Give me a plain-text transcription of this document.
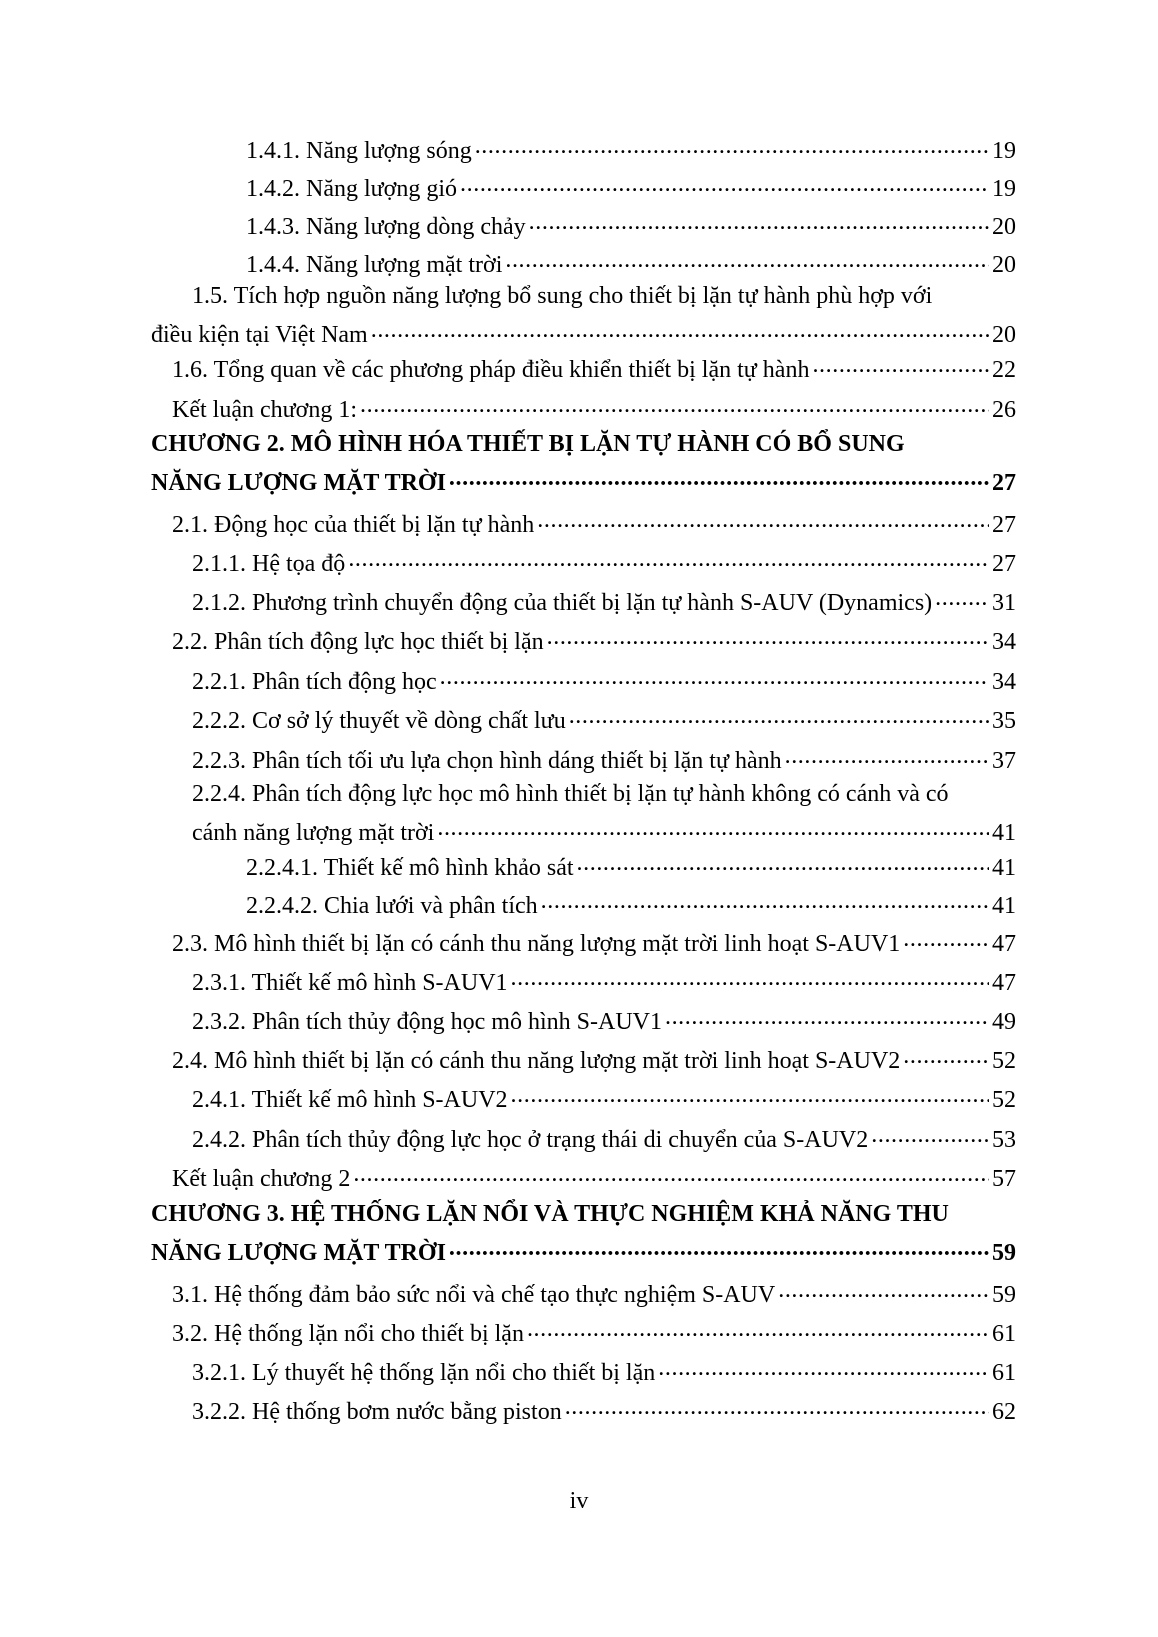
1.4.1. Năng lượng sóng .....	19
1.4.2. Năng lượng gió .....	19
1.4.3. Năng lượng dòng chảy .....	20
1.4.4. Năng lượng mặt trời .....	20
1.5. Tích hợp nguồn năng lượng bổ sung cho thiết bị lặn tự hành phù hợp với
điều kiện tại Việt Nam .....	20
1.6. Tổng quan về các phương pháp điều khiển thiết bị lặn tự hành .....	22
Kết luận chương 1: .....	26
CHƯƠNG 2. MÔ HÌNH HÓA THIẾT BỊ LẶN TỰ HÀNH CÓ BỔ SUNG
NĂNG LƯỢNG MẶT TRỜI .....	27
2.1. Động học của thiết bị lặn tự hành .....	27
2.1.1. Hệ tọa độ .....	27
2.1.2. Phương trình chuyển động của thiết bị lặn tự hành S-AUV (Dynamics) ..... 31
2.2. Phân tích động lực học thiết bị lặn .....	34
2.2.1. Phân tích động học .....	34
2.2.2. Cơ sở lý thuyết về dòng chất lưu .....	35
2.2.3. Phân tích tối ưu lựa chọn hình dáng thiết bị lặn tự hành .....	37
2.2.4. Phân tích động lực học mô hình thiết bị lặn tự hành không có cánh và có
cánh năng lượng mặt trời .....	41
2.2.4.1. Thiết kế mô hình khảo sát .....	41
2.2.4.2. Chia lưới và phân tích .....	41
2.3. Mô hình thiết bị lặn có cánh thu năng lượng mặt trời linh hoạt S-AUV1 .....	47
2.3.1. Thiết kế mô hình S-AUV1 .....	47
2.3.2. Phân tích thủy động học mô hình S-AUV1 .....	49
2.4. Mô hình thiết bị lặn có cánh thu năng lượng mặt trời linh hoạt S-AUV2 .....	52
2.4.1. Thiết kế mô hình S-AUV2 .....	52
2.4.2. Phân tích thủy động lực học ở trạng thái di chuyển của S-AUV2 .....	53
Kết luận chương 2 .....	57
CHƯƠNG 3. HỆ THỐNG LẶN NỔI VÀ THỰC NGHIỆM KHẢ NĂNG THU
NĂNG LƯỢNG MẶT TRỜI .....	59
3.1. Hệ thống đảm bảo sức nổi và chế tạo thực nghiệm S-AUV .....	59
3.2. Hệ thống lặn nổi cho thiết bị lặn .....	61
3.2.1. Lý thuyết hệ thống lặn nổi cho thiết bị lặn .....	61
3.2.2. Hệ thống bơm nước bằng piston .....	62
iv
